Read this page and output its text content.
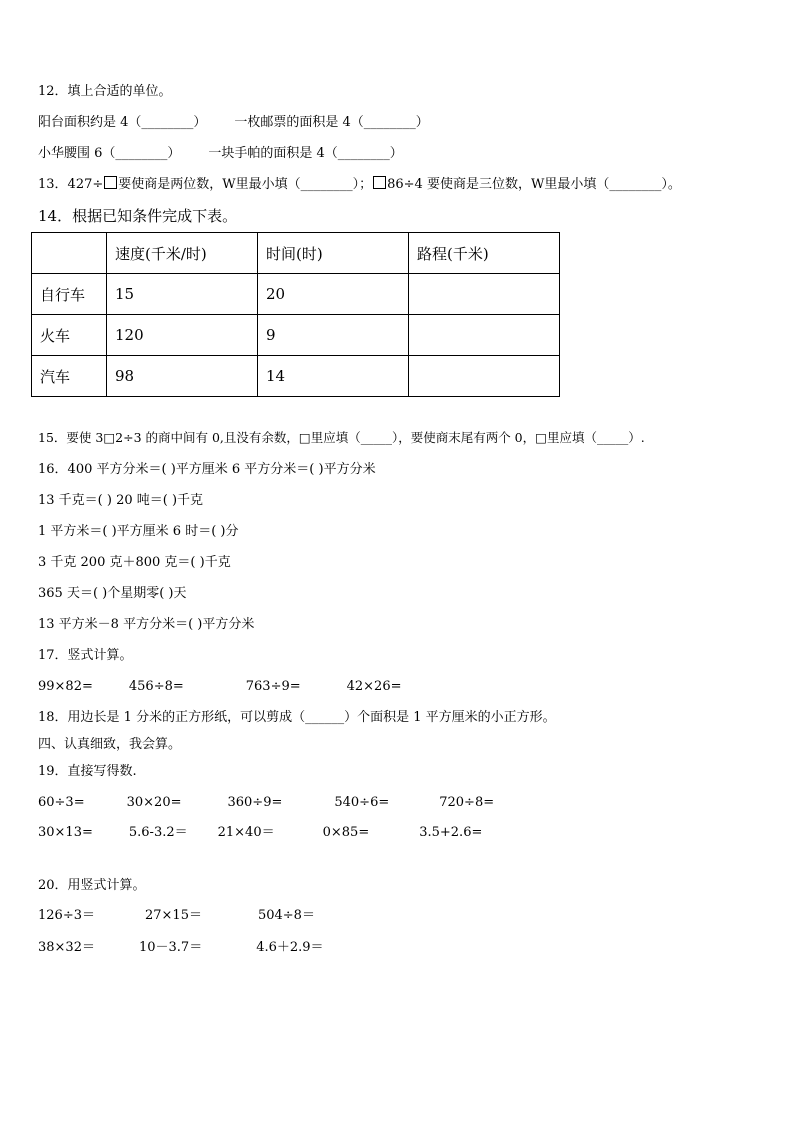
12．填上合适的单位。
阳台面积约是 4（________） 一枚邮票的面积是 4（________）
小华腰围 6（________） 一块手帕的面积是 4（________）
13．427÷ 要使商是两位数，W里最小填（________）； 86÷4 要使商是三位数，W里最小填（________）。
14．根据已知条件完成下表。
	速度(千米/时)	时间(时)	路程(千米)
自行车	15	20	
火车	120	9	
汽车	98	14	
15．要使 3□2÷3 的商中间有 0,且没有余数，□里应填（_____），要使商末尾有两个 0，□里应填（_____）.
16．400 平方分米＝( )平方厘米 6 平方分米＝( )平方分米
13 千克＝( ) 20 吨＝( )千克
1 平方米＝( )平方厘米 6 时＝( )分
3 千克 200 克＋800 克＝( )千克
365 天＝( )个星期零( )天
13 平方米－8 平方分米＝( )平方分米
17．竖式计算。
99×82=	456÷8=	763÷9=	42×26=
18．用边长是 1 分米的正方形纸，可以剪成（______）个面积是 1 平方厘米的小正方形。
四、认真细致，我会算。
19．直接写得数.
60÷3=	30×20=	360÷9=	540÷6=	720÷8=
30×13=	5.6-3.2＝ 21×40＝	0×85=	3.5+2.6=
20．用竖式计算。
126÷3＝	27×15＝	504÷8＝
38×32＝	10－3.7＝	4.6＋2.9＝
